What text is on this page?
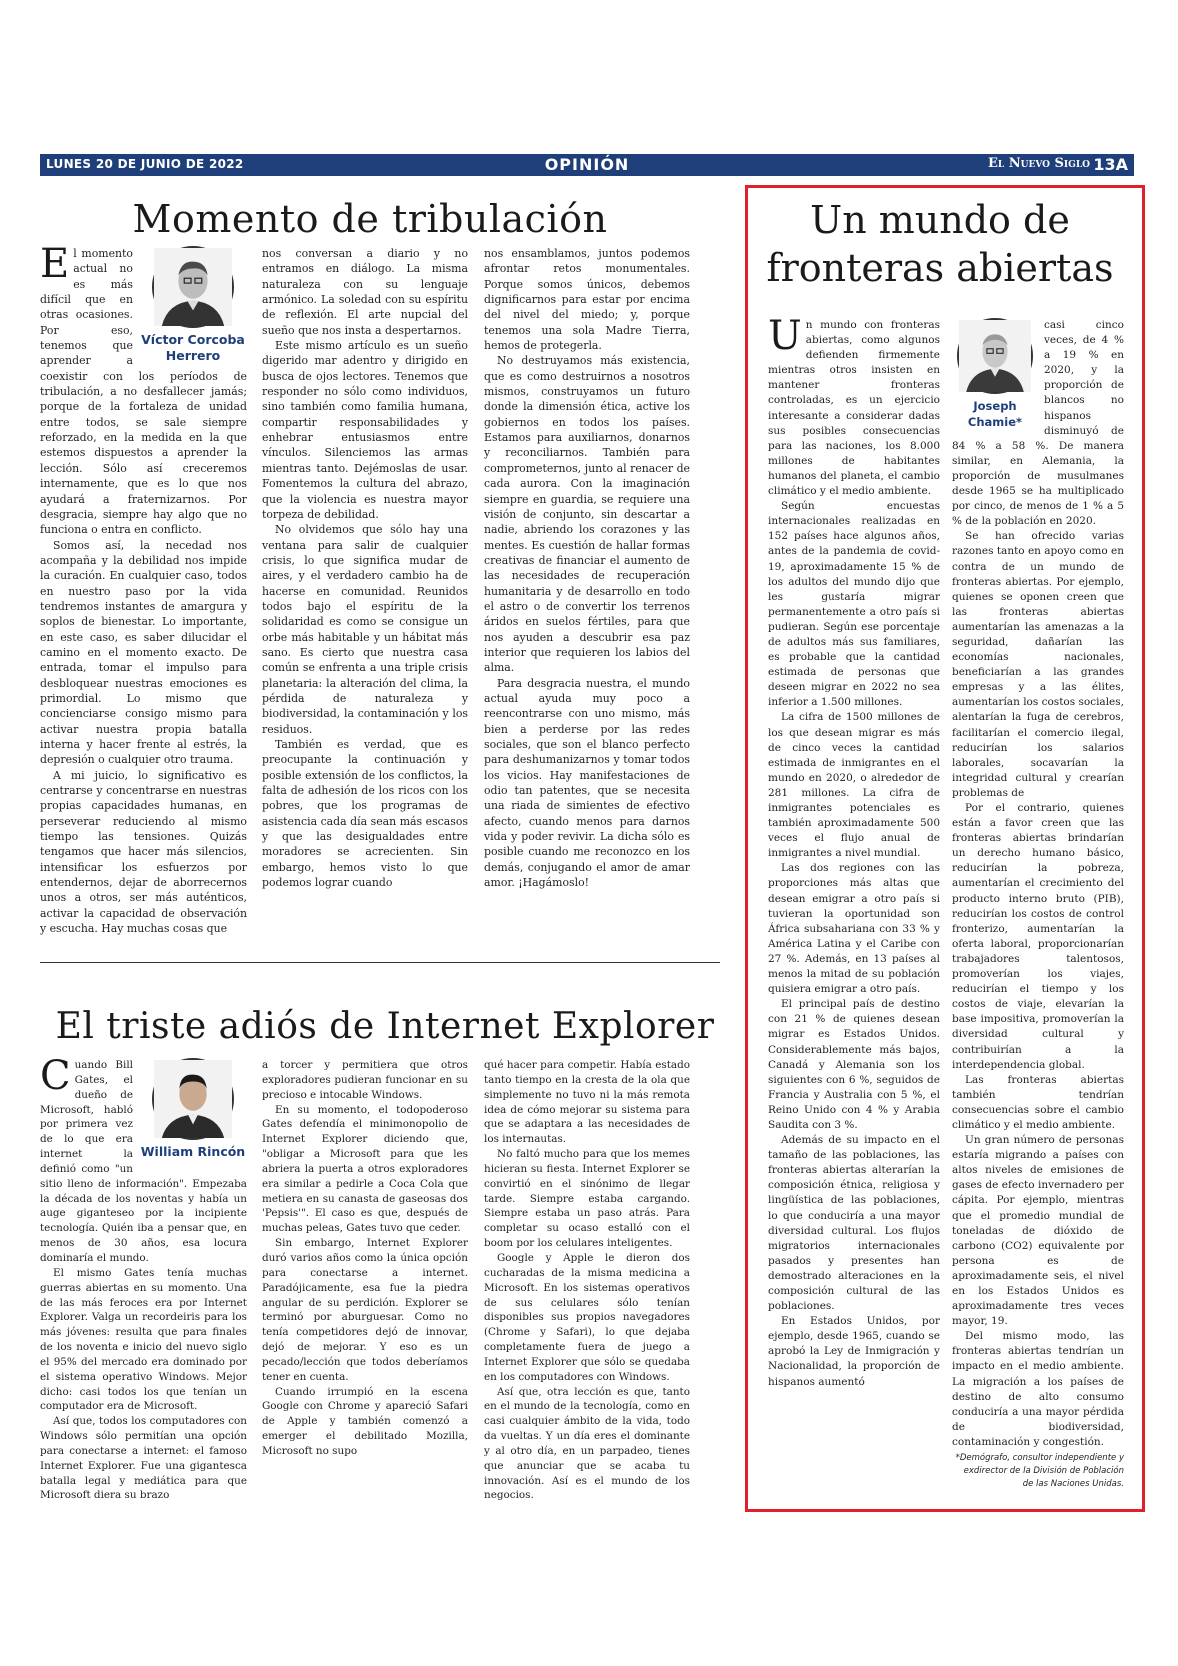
LUNES 20 DE JUNIO DE 2022	OPINIÓN	El Nuevo Siglo 13A
Momento de tribulación
Víctor Corcoba Herrero

El momento actual no es más difícil que en otras ocasiones. Por eso, tenemos que aprender a coexistir con los períodos de tribulación, a no desfallecer jamás; porque de la fortaleza de unidad entre todos, se sale siempre reforzado, en la medida en la que estemos dispuestos a aprender la lección. Sólo así creceremos internamente, que es lo que nos ayudará a fraternizarnos. Por desgracia, siempre hay algo que no funciona o entra en conflicto.

Somos así, la necedad nos acompaña y la debilidad nos impide la curación. En cualquier caso, todos en nuestro paso por la vida tendremos instantes de amargura y soplos de bienestar. Lo importante, en este caso, es saber dilucidar el camino en el momento exacto. De entrada, tomar el impulso para desbloquear nuestras emociones es primordial. Lo mismo que concienciarse consigo mismo para activar nuestra propia batalla interna y hacer frente al estrés, la depresión o cualquier otro trauma.

A mi juicio, lo significativo es centrarse y concentrarse en nuestras propias capacidades humanas, en perseverar reduciendo al mismo tiempo las tensiones. Quizás tengamos que hacer más silencios, intensificar los esfuerzos por entendernos, dejar de aborrecernos unos a otros, ser más auténticos, activar la capacidad de observación y escucha. Hay muchas cosas que

nos conversan a diario y no entramos en diálogo. La misma naturaleza con su lenguaje armónico. La soledad con su espíritu de reflexión. El arte nupcial del sueño que nos insta a despertarnos.

Este mismo artículo es un sueño digerido mar adentro y dirigido en busca de ojos lectores. Tenemos que responder no sólo como individuos, sino también como familia humana, compartir responsabilidades y enhebrar entusiasmos entre vínculos. Silenciemos las armas mientras tanto. Dejémoslas de usar. Fomentemos la cultura del abrazo, que la violencia es nuestra mayor torpeza de debilidad.

No olvidemos que sólo hay una ventana para salir de cualquier crisis, lo que significa mudar de aires, y el verdadero cambio ha de hacerse en comunidad. Reunidos todos bajo el espíritu de la solidaridad es como se consigue un orbe más habitable y un hábitat más sano. Es cierto que nuestra casa común se enfrenta a una triple crisis planetaria: la alteración del clima, la pérdida de naturaleza y biodiversidad, la contaminación y los residuos.

También es verdad, que es preocupante la continuación y posible extensión de los conflictos, la falta de adhesión de los ricos con los pobres, que los programas de asistencia cada día sean más escasos y que las desigualdades entre moradores se acrecienten. Sin embargo, hemos visto lo que podemos lograr cuando

nos ensamblamos, juntos podemos afrontar retos monumentales. Porque somos únicos, debemos dignificarnos para estar por encima del nivel del miedo; y, porque tenemos una sola Madre Tierra, hemos de protegerla.

No destruyamos más existencia, que es como destruirnos a nosotros mismos, construyamos un futuro donde la dimensión ética, active los gobiernos en todos los países. Estamos para auxiliarnos, donarnos y reconciliarnos. También para comprometernos, junto al renacer de cada aurora. Con la imaginación siempre en guardia, se requiere una visión de conjunto, sin descartar a nadie, abriendo los corazones y las mentes. Es cuestión de hallar formas creativas de financiar el aumento de las necesidades de recuperación humanitaria y de desarrollo en todo el astro o de convertir los terrenos áridos en suelos fértiles, para que nos ayuden a descubrir esa paz interior que requieren los labios del alma.

Para desgracia nuestra, el mundo actual ayuda muy poco a reencontrarse con uno mismo, más bien a perderse por las redes sociales, que son el blanco perfecto para deshumanizarnos y tomar todos los vicios. Hay manifestaciones de odio tan patentes, que se necesita una riada de simientes de efectivo afecto, cuando menos para darnos vida y poder revivir. La dicha sólo es posible cuando me reconozco en los demás, conjugando el amor de amar amor. ¡Hagámoslo!

El triste adiós de Internet Explorer
William Rincón

Cuando Bill Gates, el dueño de Microsoft, habló por primera vez de lo que era internet la definió como "un sitio lleno de información". Empezaba la década de los noventas y había un auge giganteseo por la incipiente tecnología. Quién iba a pensar que, en menos de 30 años, esa locura dominaría el mundo.

El mismo Gates tenía muchas guerras abiertas en su momento. Una de las más feroces era por Internet Explorer. Valga un recordeiris para los más jóvenes: resulta que para finales de los noventa e inicio del nuevo siglo el 95% del mercado era dominado por el sistema operativo Windows. Mejor dicho: casi todos los que tenían un computador era de Microsoft.

Así que, todos los computadores con Windows sólo permitían una opción para conectarse a internet: el famoso Internet Explorer. Fue una gigantesca batalla legal y mediática para que Microsoft diera su brazo

a torcer y permitiera que otros exploradores pudieran funcionar en su precioso e intocable Windows.

En su momento, el todopoderoso Gates defendía el minimonopolio de Internet Explorer diciendo que, "obligar a Microsoft para que les abriera la puerta a otros exploradores era similar a pedirle a Coca Cola que metiera en su canasta de gaseosas dos 'Pepsis'". El caso es que, después de muchas peleas, Gates tuvo que ceder.

Sin embargo, Internet Explorer duró varios años como la única opción para conectarse a internet. Paradójicamente, esa fue la piedra angular de su perdición. Explorer se terminó por aburguesar. Como no tenía competidores dejó de innovar, dejó de mejorar. Y eso es un pecado/lección que todos deberíamos tener en cuenta.

Cuando irrumpió en la escena Google con Chrome y apareció Safari de Apple y también comenzó a emerger el debilitado Mozilla, Microsoft no supo

qué hacer para competir. Había estado tanto tiempo en la cresta de la ola que simplemente no tuvo ni la más remota idea de cómo mejorar su sistema para que se adaptara a las necesidades de los internautas.

No faltó mucho para que los memes hicieran su fiesta. Internet Explorer se convirtió en el sinónimo de llegar tarde. Siempre estaba cargando. Siempre estaba un paso atrás. Para completar su ocaso estalló con el boom por los celulares inteligentes.

Google y Apple le dieron dos cucharadas de la misma medicina a Microsoft. En los sistemas operativos de sus celulares sólo tenían disponibles sus propios navegadores (Chrome y Safari), lo que dejaba completamente fuera de juego a Internet Explorer que sólo se quedaba en los computadores con Windows.

Así que, otra lección es que, tanto en el mundo de la tecnología, como en casi cualquier ámbito de la vida, todo da vueltas. Y un día eres el dominante y al otro día, en un parpadeo, tienes que anunciar que se acaba tu innovación. Así es el mundo de los negocios.

Un mundo de fronteras abiertas

Un mundo con fronteras abiertas, como algunos defienden firmemente mientras otros insisten en mantener fronteras controladas, es un ejercicio interesante a considerar dadas sus posibles consecuencias para las naciones, los 8.000 millones de habitantes humanos del planeta, el cambio climático y el medio ambiente.

Según encuestas internacionales realizadas en 152 países hace algunos años, antes de la pandemia de covid-19, aproximadamente 15 % de los adultos del mundo dijo que les gustaría migrar permanentemente a otro país si pudieran. Según ese porcentaje de adultos más sus familiares, es probable que la cantidad estimada de personas que deseen migrar en 2022 no sea inferior a 1.500 millones.

La cifra de 1500 millones de los que desean migrar es más de cinco veces la cantidad estimada de inmigrantes en el mundo en 2020, o alrededor de 281 millones. La cifra de inmigrantes potenciales es también aproximadamente 500 veces el flujo anual de inmigrantes a nivel mundial.

Las dos regiones con las proporciones más altas que desean emigrar a otro país si tuvieran la oportunidad son África subsahariana con 33 % y América Latina y el Caribe con 27 %. Además, en 13 países al menos la mitad de su población quisiera emigrar a otro país.

El principal país de destino con 21 % de quienes desean migrar es Estados Unidos. Considerablemente más bajos, Canadá y Alemania son los siguientes con 6 %, seguidos de Francia y Australia con 5 %, el Reino Unido con 4 % y Arabia Saudita con 3 %.

Además de su impacto en el tamaño de las poblaciones, las fronteras abiertas alterarían la composición étnica, religiosa y lingüística de las poblaciones, lo que conduciría a una mayor diversidad cultural. Los flujos migratorios internacionales pasados y presentes han demostrado alteraciones en la composición cultural de las poblaciones.

En Estados Unidos, por ejemplo, desde 1965, cuando se aprobó la Ley de Inmigración y Nacionalidad, la proporción de hispanos aumentó

Joseph Chamie*

casi cinco veces, de 4 % a 19 % en 2020, y la proporción de blancos no hispanos disminuyó de 84 % a 58 %. De manera similar, en Alemania, la proporción de musulmanes desde 1965 se ha multiplicado por cinco, de menos de 1 % a 5 % de la población en 2020.

Se han ofrecido varias razones tanto en apoyo como en contra de un mundo de fronteras abiertas. Por ejemplo, quienes se oponen creen que las fronteras abiertas aumentarían las amenazas a la seguridad, dañarían las economías nacionales, beneficiarían a las grandes empresas y a las élites, aumentarían los costos sociales, alentarían la fuga de cerebros, facilitarían el comercio ilegal, reducirían los salarios laborales, socavarían la integridad cultural y crearían problemas de

Por el contrario, quienes están a favor creen que las fronteras abiertas brindarían un derecho humano básico, reducirían la pobreza, aumentarían el crecimiento del producto interno bruto (PIB), reducirían los costos de control fronterizo, aumentarían la oferta laboral, proporcionarían trabajadores talentosos, promoverían los viajes, reducirían el tiempo y los costos de viaje, elevarían la base impositiva, promoverían la diversidad cultural y contribuirían a la interdependencia global.

Las fronteras abiertas también tendrían consecuencias sobre el cambio climático y el medio ambiente.

Un gran número de personas estaría migrando a países con altos niveles de emisiones de gases de efecto invernadero per cápita. Por ejemplo, mientras que el promedio mundial de toneladas de dióxido de carbono (CO2) equivalente por persona es de aproximadamente seis, el nivel en los Estados Unidos es aproximadamente tres veces mayor, 19.

Del mismo modo, las fronteras abiertas tendrían un impacto en el medio ambiente. La migración a los países de destino de alto consumo conduciría a una mayor pérdida de biodiversidad, contaminación y congestión.

*Demógrafo, consultor independiente y exdirector de la División de Población de las Naciones Unidas.
